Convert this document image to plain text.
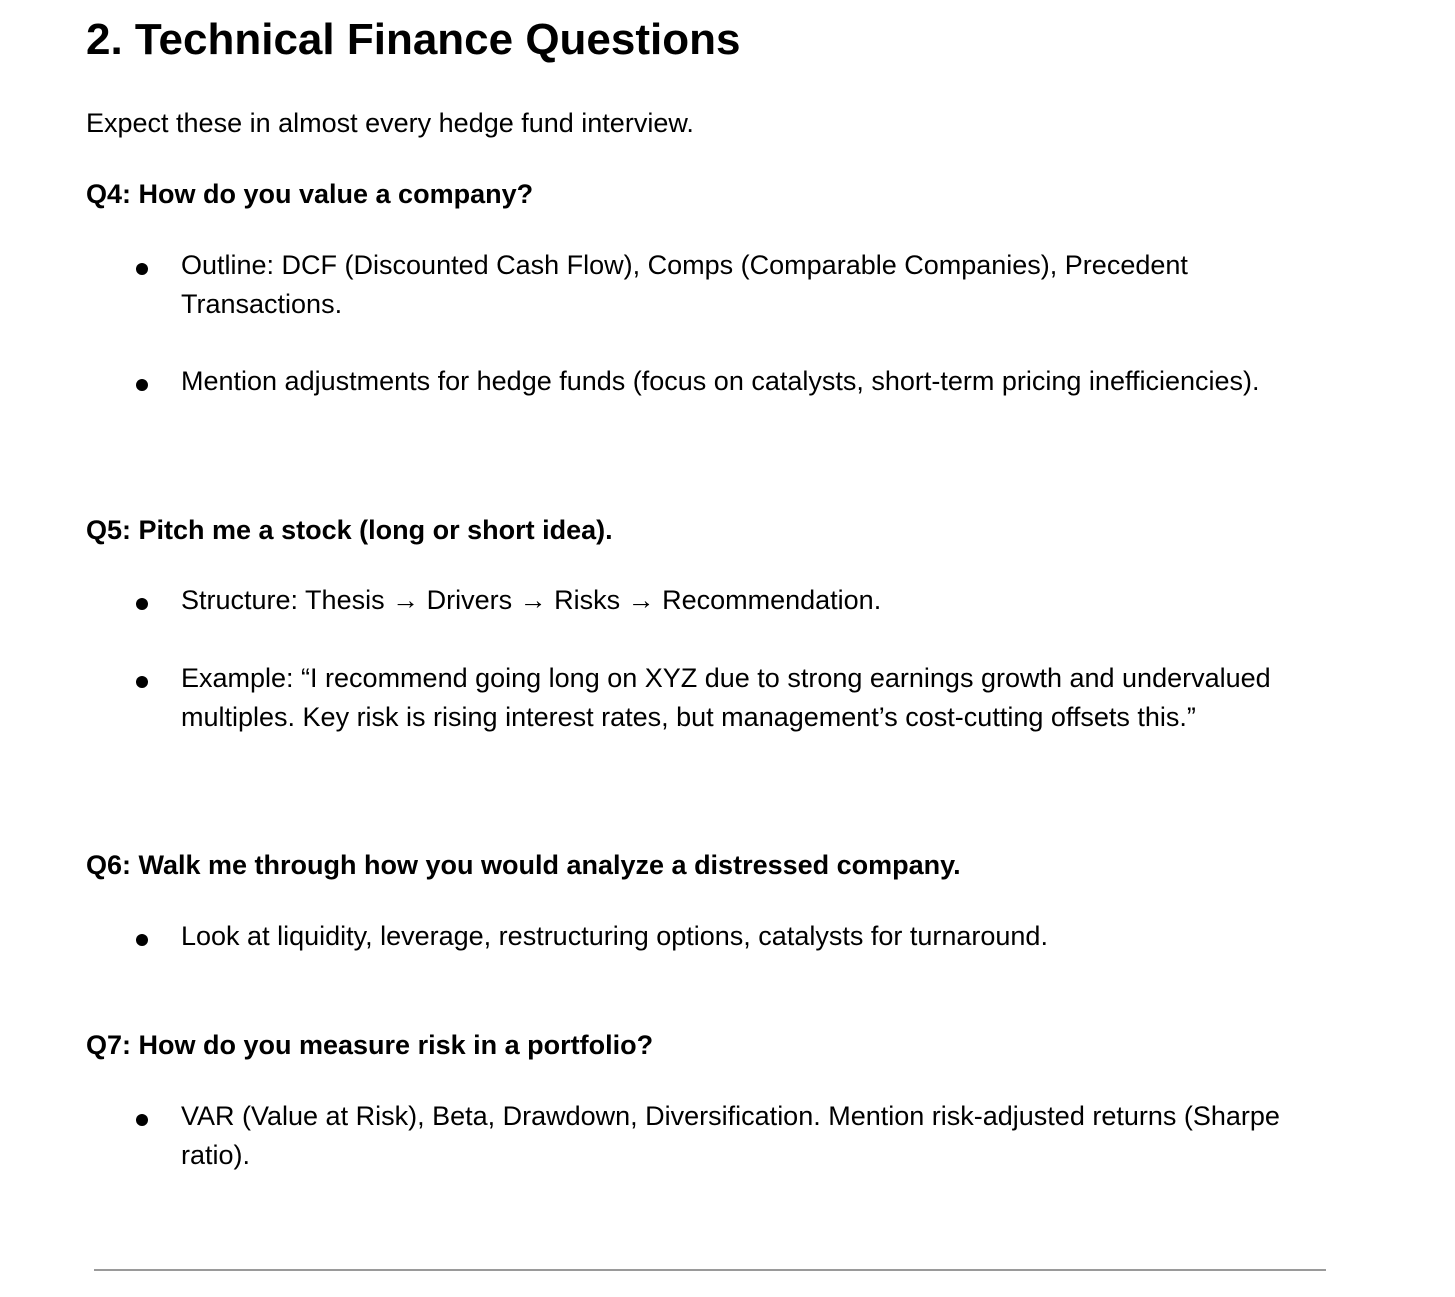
2. Technical Finance Questions

Expect these in almost every hedge fund interview.

Q4: How do you value a company?

Outline: DCF (Discounted Cash Flow), Comps (Comparable Companies), Precedent Transactions.
Mention adjustments for hedge funds (focus on catalysts, short-term pricing inefficiencies).

Q5: Pitch me a stock (long or short idea).

Structure: Thesis → Drivers → Risks → Recommendation.
Example: “I recommend going long on XYZ due to strong earnings growth and undervalued multiples. Key risk is rising interest rates, but management’s cost-cutting offsets this.”

Q6: Walk me through how you would analyze a distressed company.

Look at liquidity, leverage, restructuring options, catalysts for turnaround.

Q7: How do you measure risk in a portfolio?

VAR (Value at Risk), Beta, Drawdown, Diversification. Mention risk-adjusted returns (Sharpe ratio).
